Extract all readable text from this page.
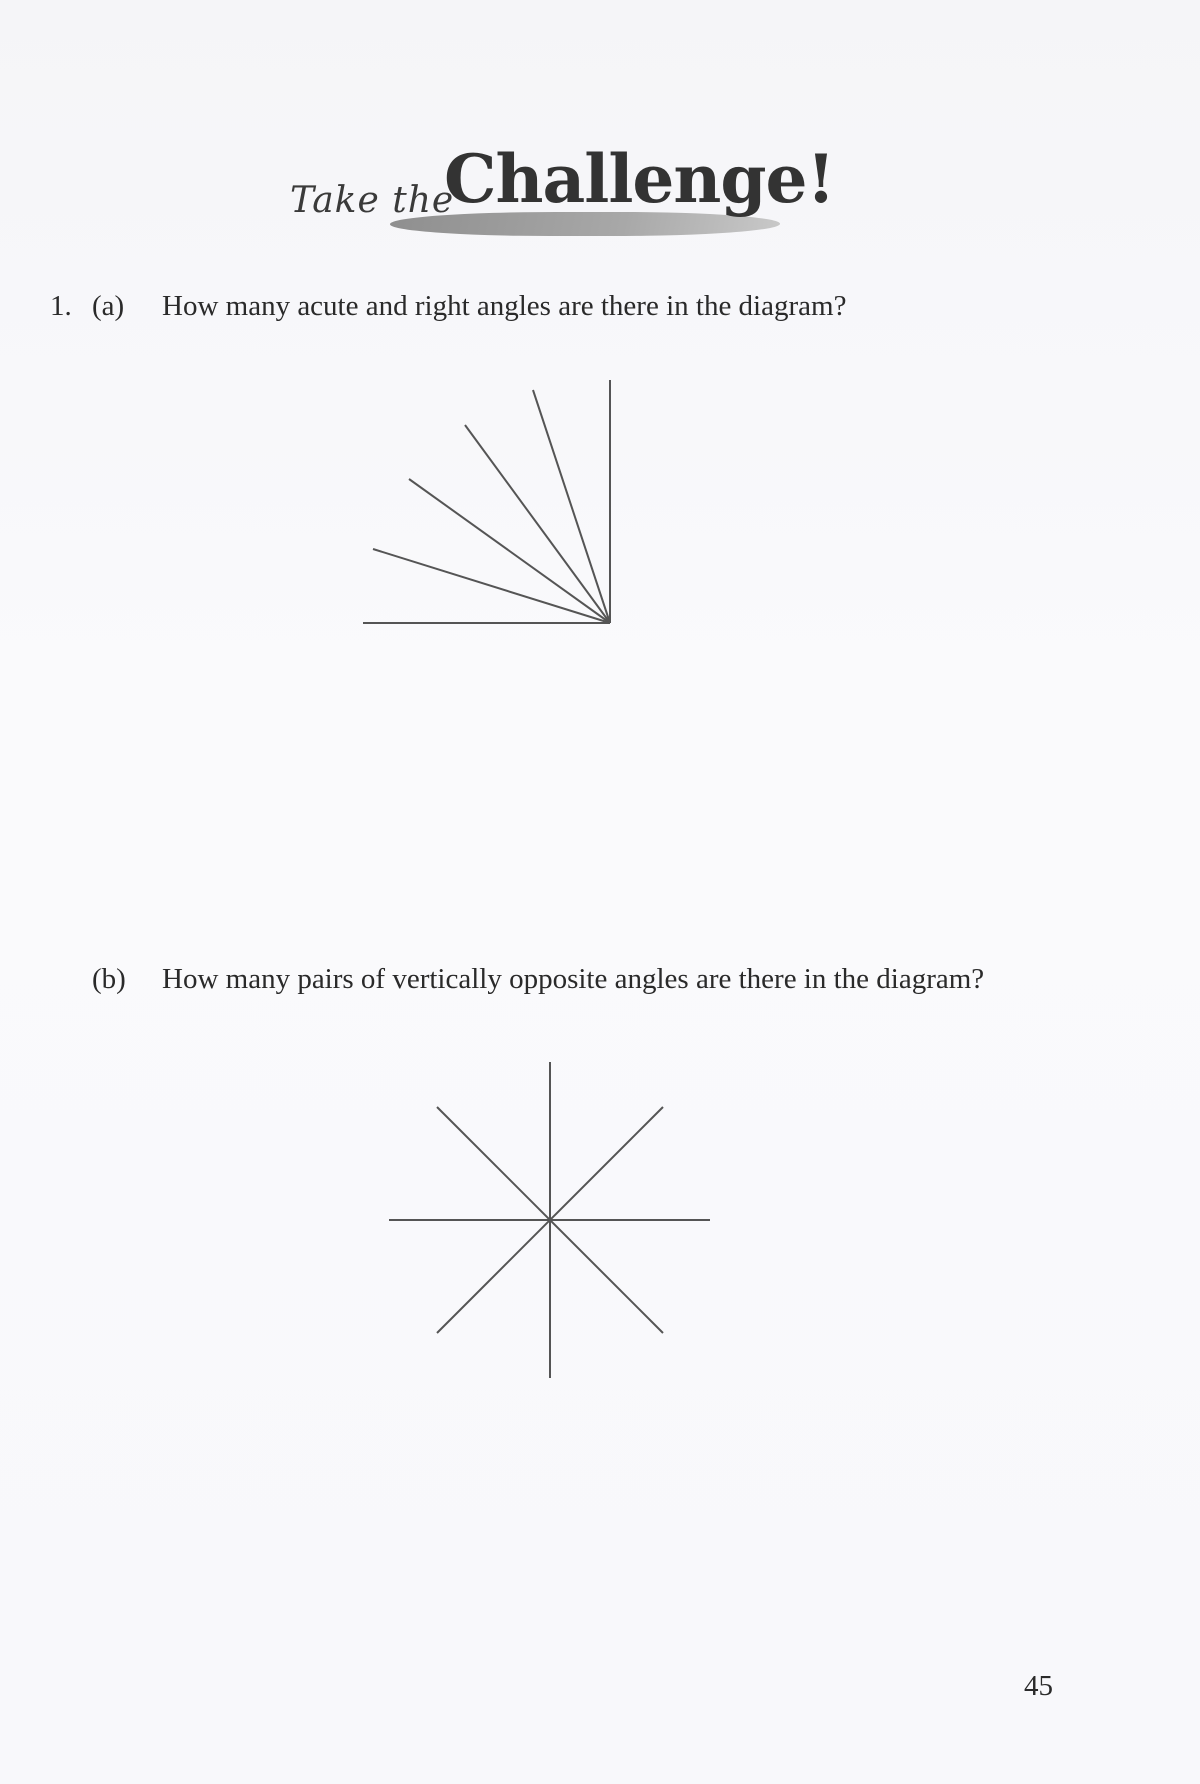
Take the
Challenge!
1. (a) How many acute and right angles are there in the diagram?
(b) How many pairs of vertically opposite angles are there in the diagram?
45
